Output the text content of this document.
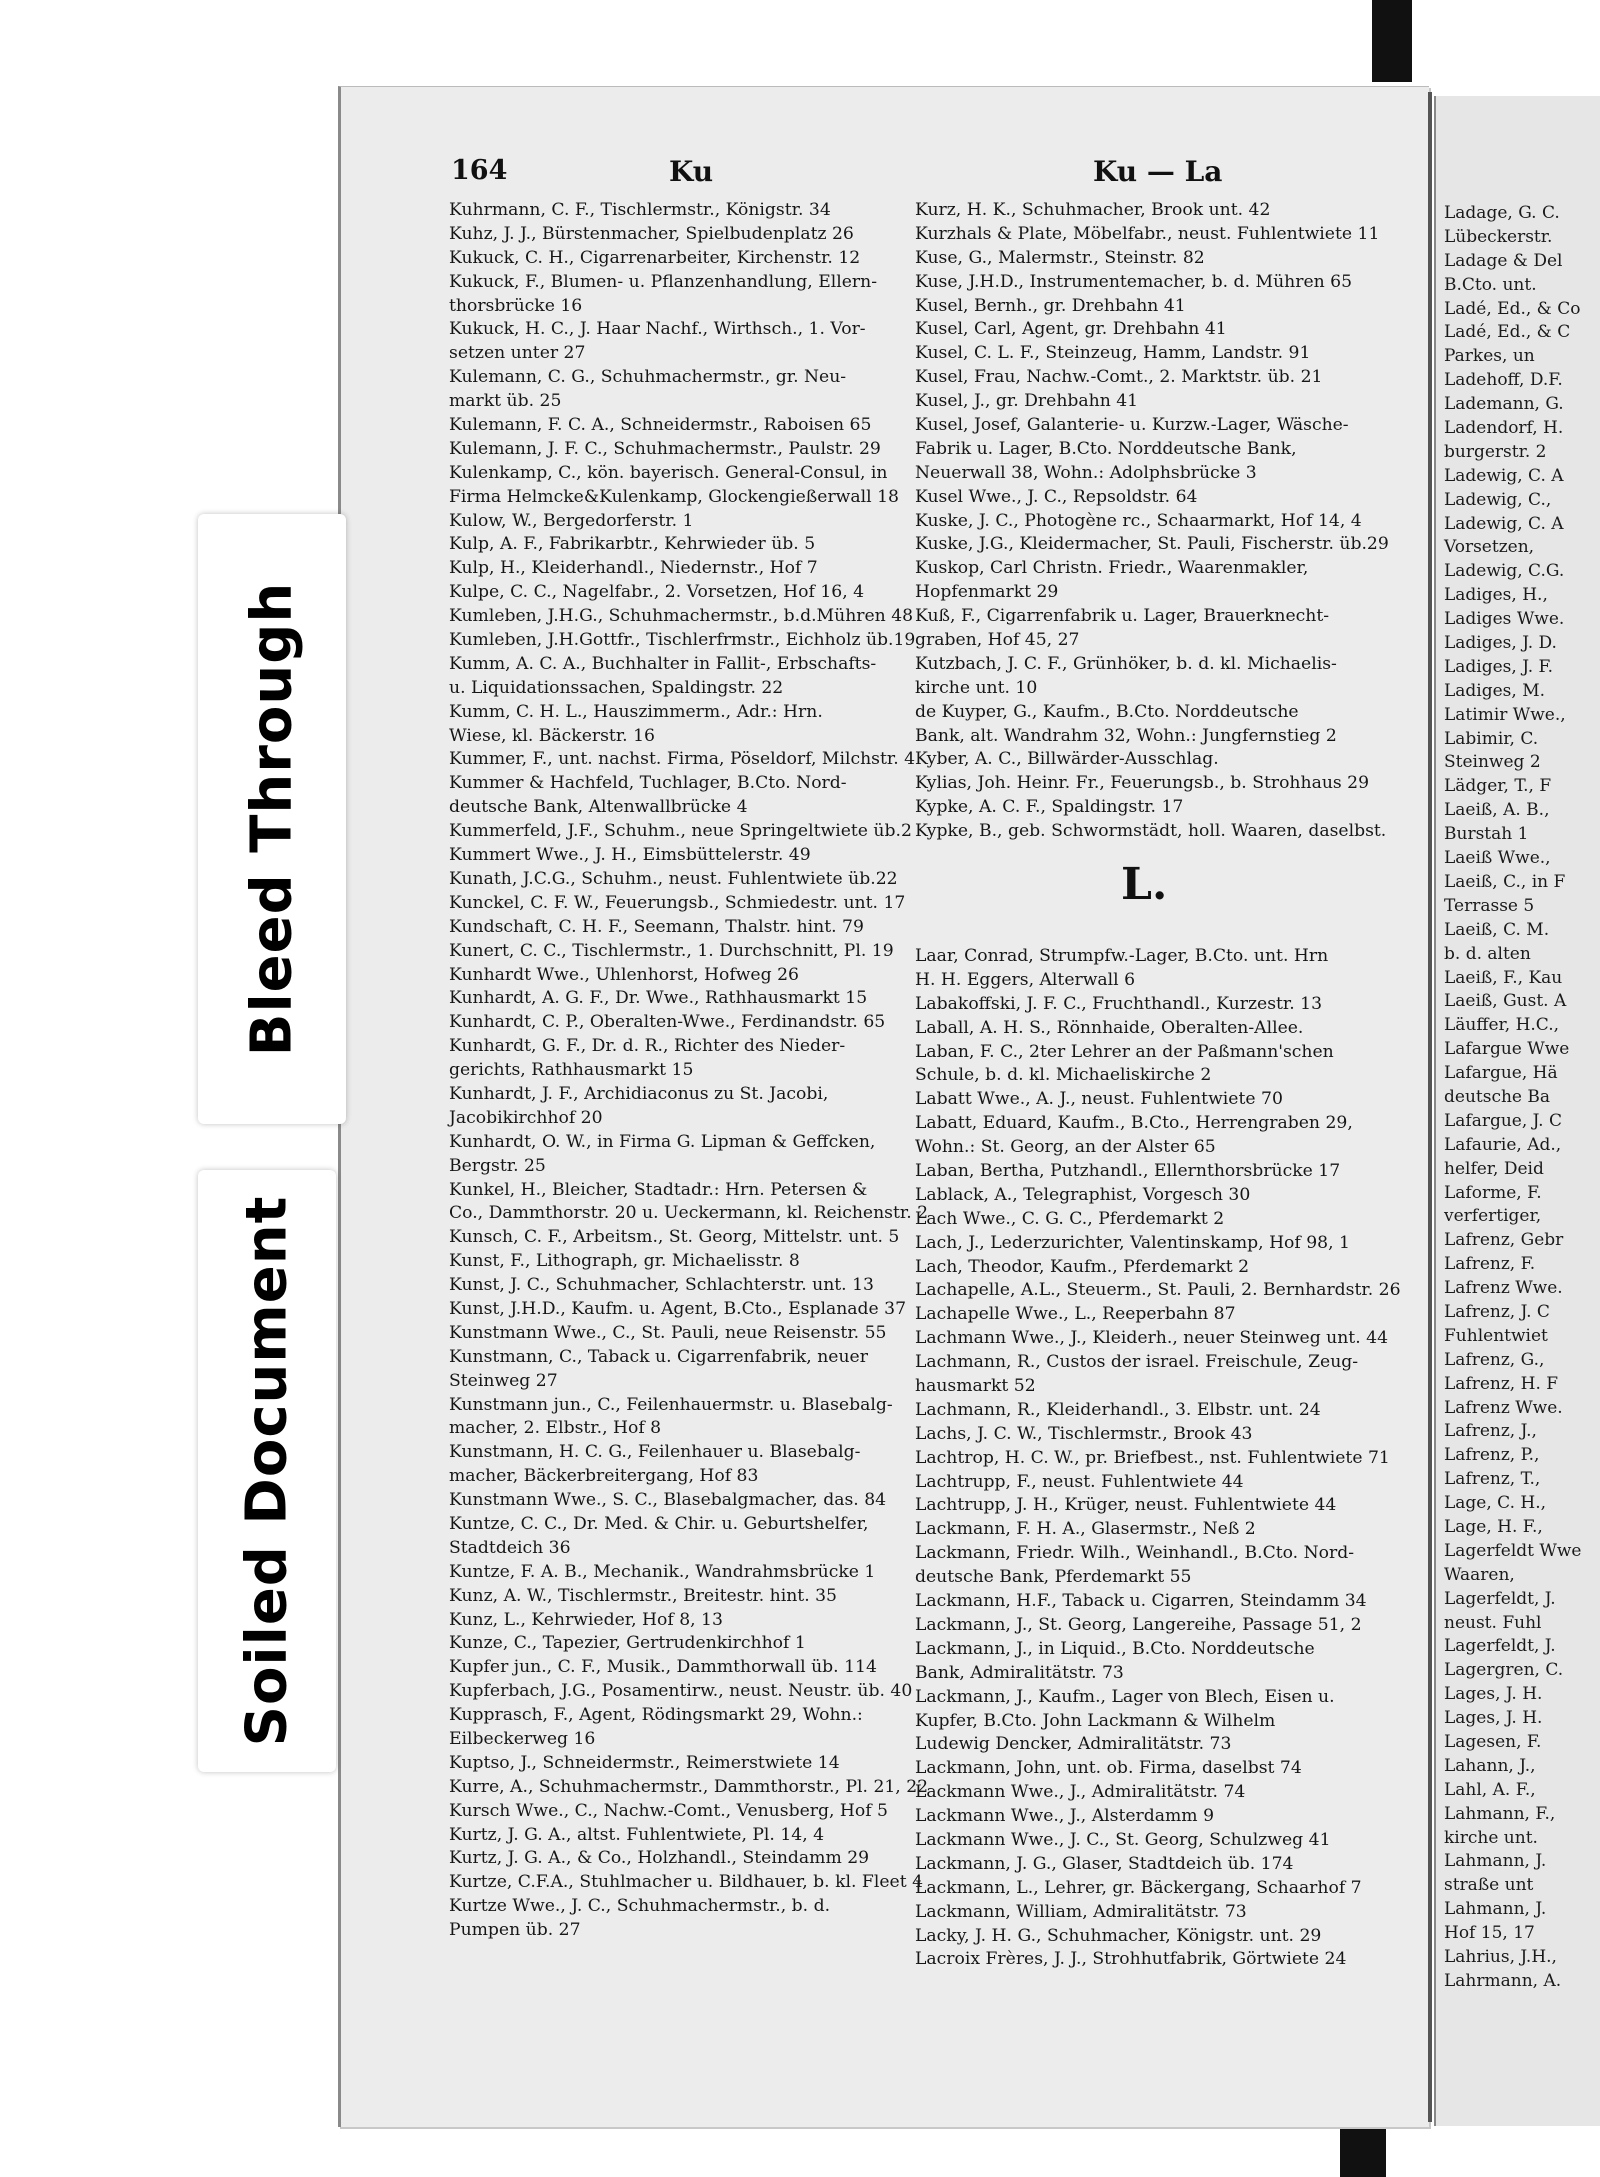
164	Ku	Ku — La
Kuhrmann, C. F., Tischlermstr., Königstr. 34
Kuhz, J. J., Bürstenmacher, Spielbudenplatz 26
Kukuck, C. H., Cigarrenarbeiter, Kirchenstr. 12
Kukuck, F., Blumen- u. Pflanzenhandlung, Ellern-
thorsbrücke 16
Kukuck, H. C., J. Haar Nachf., Wirthsch., 1. Vor-
setzen unter 27
Kulemann, C. G., Schuhmachermstr., gr. Neu-
markt üb. 25
Kulemann, F. C. A., Schneidermstr., Raboisen 65
Kulemann, J. F. C., Schuhmachermstr., Paulstr. 29
Kulenkamp, C., kön. bayerisch. General-Consul, in
Firma Helmcke&Kulenkamp, Glockengießerwall 18
Kulow, W., Bergedorferstr. 1
Kulp, A. F., Fabrikarbtr., Kehrwieder üb. 5
Kulp, H., Kleiderhandl., Niedernstr., Hof 7
Kulpe, C. C., Nagelfabr., 2. Vorsetzen, Hof 16, 4
Kumleben, J.H.G., Schuhmachermstr., b.d.Mühren 48
Kumleben, J.H.Gottfr., Tischlerfrmstr., Eichholz üb.19
Kumm, A. C. A., Buchhalter in Fallit-, Erbschafts-
u. Liquidationssachen, Spaldingstr. 22
Kumm, C. H. L., Hauszimmerm., Adr.: Hrn.
Wiese, kl. Bäckerstr. 16
Kummer, F., unt. nachst. Firma, Pöseldorf, Milchstr. 4
Kummer & Hachfeld, Tuchlager, B.Cto. Nord-
deutsche Bank, Altenwallbrücke 4
Kummerfeld, J.F., Schuhm., neue Springeltwiete üb.2
Kummert Wwe., J. H., Eimsbüttelerstr. 49
Kunath, J.C.G., Schuhm., neust. Fuhlentwiete üb.22
Kunckel, C. F. W., Feuerungsb., Schmiedestr. unt. 17
Kundschaft, C. H. F., Seemann, Thalstr. hint. 79
Kunert, C. C., Tischlermstr., 1. Durchschnitt, Pl. 19
Kunhardt Wwe., Uhlenhorst, Hofweg 26
Kunhardt, A. G. F., Dr. Wwe., Rathhausmarkt 15
Kunhardt, C. P., Oberalten-Wwe., Ferdinandstr. 65
Kunhardt, G. F., Dr. d. R., Richter des Nieder-
gerichts, Rathhausmarkt 15
Kunhardt, J. F., Archidiaconus zu St. Jacobi,
Jacobikirchhof 20
Kunhardt, O. W., in Firma G. Lipman & Geffcken,
Bergstr. 25
Kunkel, H., Bleicher, Stadtadr.: Hrn. Petersen &
Co., Dammthorstr. 20 u. Ueckermann, kl. Reichenstr. 2
Kunsch, C. F., Arbeitsm., St. Georg, Mittelstr. unt. 5
Kunst, F., Lithograph, gr. Michaelisstr. 8
Kunst, J. C., Schuhmacher, Schlachterstr. unt. 13
Kunst, J.H.D., Kaufm. u. Agent, B.Cto., Esplanade 37
Kunstmann Wwe., C., St. Pauli, neue Reisenstr. 55
Kunstmann, C., Taback u. Cigarrenfabrik, neuer
Steinweg 27
Kunstmann jun., C., Feilenhauermstr. u. Blasebalg-
macher, 2. Elbstr., Hof 8
Kunstmann, H. C. G., Feilenhauer u. Blasebalg-
macher, Bäckerbreitergang, Hof 83
Kunstmann Wwe., S. C., Blasebalgmacher, das. 84
Kuntze, C. C., Dr. Med. & Chir. u. Geburtshelfer,
Stadtdeich 36
Kuntze, F. A. B., Mechanik., Wandrahmsbrücke 1
Kunz, A. W., Tischlermstr., Breitestr. hint. 35
Kunz, L., Kehrwieder, Hof 8, 13
Kunze, C., Tapezier, Gertrudenkirchhof 1
Kupfer jun., C. F., Musik., Dammthorwall üb. 114
Kupferbach, J.G., Posamentirw., neust. Neustr. üb. 40
Kupprasch, F., Agent, Rödingsmarkt 29, Wohn.:
Eilbeckerweg 16
Kuptso, J., Schneidermstr., Reimerstwiete 14
Kurre, A., Schuhmachermstr., Dammthorstr., Pl. 21, 22
Kursch Wwe., C., Nachw.-Comt., Venusberg, Hof 5
Kurtz, J. G. A., altst. Fuhlentwiete, Pl. 14, 4
Kurtz, J. G. A., & Co., Holzhandl., Steindamm 29
Kurtze, C.F.A., Stuhlmacher u. Bildhauer, b. kl. Fleet 4
Kurtze Wwe., J. C., Schuhmachermstr., b. d.
Pumpen üb. 27
Kurz, H. K., Schuhmacher, Brook unt. 42
Kurzhals & Plate, Möbelfabr., neust. Fuhlentwiete 11
Kuse, G., Malermstr., Steinstr. 82
Kuse, J.H.D., Instrumentemacher, b. d. Mühren 65
Kusel, Bernh., gr. Drehbahn 41
Kusel, Carl, Agent, gr. Drehbahn 41
Kusel, C. L. F., Steinzeug, Hamm, Landstr. 91
Kusel, Frau, Nachw.-Comt., 2. Marktstr. üb. 21
Kusel, J., gr. Drehbahn 41
Kusel, Josef, Galanterie- u. Kurzw.-Lager, Wäsche-
Fabrik u. Lager, B.Cto. Norddeutsche Bank,
Neuerwall 38, Wohn.: Adolphsbrücke 3
Kusel Wwe., J. C., Repsoldstr. 64
Kuske, J. C., Photogène rc., Schaarmarkt, Hof 14, 4
Kuske, J.G., Kleidermacher, St. Pauli, Fischerstr. üb.29
Kuskop, Carl Christn. Friedr., Waarenmakler,
Hopfenmarkt 29
Kuß, F., Cigarrenfabrik u. Lager, Brauerknecht-
graben, Hof 45, 27
Kutzbach, J. C. F., Grünhöker, b. d. kl. Michaelis-
kirche unt. 10
de Kuyper, G., Kaufm., B.Cto. Norddeutsche
Bank, alt. Wandrahm 32, Wohn.: Jungfernstieg 2
Kyber, A. C., Billwärder-Ausschlag.
Kylias, Joh. Heinr. Fr., Feuerungsb., b. Strohhaus 29
Kypke, A. C. F., Spaldingstr. 17
Kypke, B., geb. Schwormstädt, holl. Waaren, daselbst.
L.
Laar, Conrad, Strumpfw.-Lager, B.Cto. unt. Hrn
H. H. Eggers, Alterwall 6
Labakoffski, J. F. C., Fruchthandl., Kurzestr. 13
Laball, A. H. S., Rönnhaide, Oberalten-Allee.
Laban, F. C., 2ter Lehrer an der Paßmann'schen
Schule, b. d. kl. Michaeliskirche 2
Labatt Wwe., A. J., neust. Fuhlentwiete 70
Labatt, Eduard, Kaufm., B.Cto., Herrengraben 29,
Wohn.: St. Georg, an der Alster 65
Laban, Bertha, Putzhandl., Ellernthorsbrücke 17
Lablack, A., Telegraphist, Vorgesch 30
Lach Wwe., C. G. C., Pferdemarkt 2
Lach, J., Lederzurichter, Valentinskamp, Hof 98, 1
Lach, Theodor, Kaufm., Pferdemarkt 2
Lachapelle, A.L., Steuerm., St. Pauli, 2. Bernhardstr. 26
Lachapelle Wwe., L., Reeperbahn 87
Lachmann Wwe., J., Kleiderh., neuer Steinweg unt. 44
Lachmann, R., Custos der israel. Freischule, Zeug-
hausmarkt 52
Lachmann, R., Kleiderhandl., 3. Elbstr. unt. 24
Lachs, J. C. W., Tischlermstr., Brook 43
Lachtrop, H. C. W., pr. Briefbest., nst. Fuhlentwiete 71
Lachtrupp, F., neust. Fuhlentwiete 44
Lachtrupp, J. H., Krüger, neust. Fuhlentwiete 44
Lackmann, F. H. A., Glasermstr., Neß 2
Lackmann, Friedr. Wilh., Weinhandl., B.Cto. Nord-
deutsche Bank, Pferdemarkt 55
Lackmann, H.F., Taback u. Cigarren, Steindamm 34
Lackmann, J., St. Georg, Langereihe, Passage 51, 2
Lackmann, J., in Liquid., B.Cto. Norddeutsche
Bank, Admiralitätstr. 73
Lackmann, J., Kaufm., Lager von Blech, Eisen u.
Kupfer, B.Cto. John Lackmann & Wilhelm
Ludewig Dencker, Admiralitätstr. 73
Lackmann, John, unt. ob. Firma, daselbst 74
Lackmann Wwe., J., Admiralitätstr. 74
Lackmann Wwe., J., Alsterdamm 9
Lackmann Wwe., J. C., St. Georg, Schulzweg 41
Lackmann, J. G., Glaser, Stadtdeich üb. 174
Lackmann, L., Lehrer, gr. Bäckergang, Schaarhof 7
Lackmann, William, Admiralitätstr. 73
Lacky, J. H. G., Schuhmacher, Königstr. unt. 29
Lacroix Frères, J. J., Strohhutfabrik, Görtwiete 24
Ladage, G. C.
Lübeckerstr.
Ladage & Del
B.Cto. unt.
Ladé, Ed., & Co
Ladé, Ed., & C
Parkes, un
Ladehoff, D.F.
Lademann, G.
Ladendorf, H.
burgerstr. 2
Ladewig, C. A
Ladewig, C.,
Ladewig, C. A
Vorsetzen,
Ladewig, C.G.
Ladiges, H.,
Ladiges Wwe.
Ladiges, J. D.
Ladiges, J. F.
Ladiges, M.
Latimir Wwe.,
Labimir, C.
Steinweg 2
Lädger, T., F
Laeiß, A. B.,
Burstah 1
Laeiß Wwe.,
Laeiß, C., in F
Terrasse 5
Laeiß, C. M.
b. d. alten
Laeiß, F., Kau
Laeiß, Gust. A
Läuffer, H.C.,
Lafargue Wwe
Lafargue, Hä
deutsche Ba
Lafargue, J. C
Lafaurie, Ad.,
helfer, Deid
Laforme, F.
verfertiger,
Lafrenz, Gebr
Lafrenz, F.
Lafrenz Wwe.
Lafrenz, J. C
Fuhlentwiet
Lafrenz, G.,
Lafrenz, H. F
Lafrenz Wwe.
Lafrenz, J.,
Lafrenz, P.,
Lafrenz, T.,
Lage, C. H.,
Lage, H. F.,
Lagerfeldt Wwe
Waaren,
Lagerfeldt, J.
neust. Fuhl
Lagerfeldt, J.
Lagergren, C.
Lages, J. H.
Lages, J. H.
Lagesen, F.
Lahann, J.,
Lahl, A. F.,
Lahmann, F.,
kirche unt.
Lahmann, J.
straße unt
Lahmann, J.
Hof 15, 17
Lahrius, J.H.,
Lahrmann, A.
Bleed Through
Soiled Document
